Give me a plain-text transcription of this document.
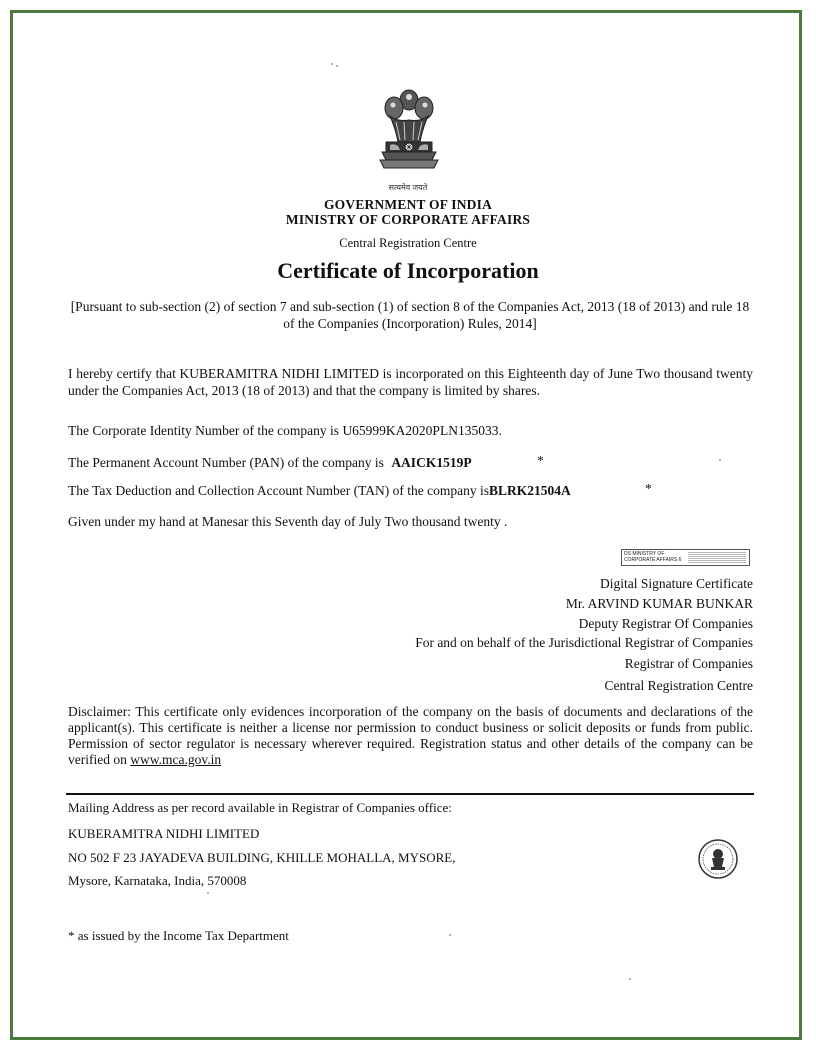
सत्यमेव जयते
GOVERNMENT OF INDIA
MINISTRY OF CORPORATE AFFAIRS
Central Registration Centre
Certificate of Incorporation
[Pursuant to sub-section (2) of section 7 and sub-section (1) of section 8 of the Companies Act, 2013 (18 of 2013) and rule 18 of the Companies (Incorporation) Rules, 2014]
I hereby certify that KUBERAMITRA NIDHI LIMITED is incorporated on this Eighteenth day of June Two thousand twenty under the Companies Act, 2013 (18 of 2013) and that the company is limited by shares.
The Corporate Identity Number of the company is U65999KA2020PLN135033.
The Permanent Account Number (PAN) of the company is AAICK1519P	*
The Tax Deduction and Collection Account Number (TAN) of the company isBLRK21504A	*
Given under my hand at Manesar this Seventh day of July Two thousand twenty .
DS MINISTRY OF CORPORATE AFFAIRS 6
Digital Signature Certificate
Mr. ARVIND KUMAR BUNKAR
Deputy Registrar Of Companies
For and on behalf of the Jurisdictional Registrar of Companies
Registrar of Companies
Central Registration Centre
Disclaimer: This certificate only evidences incorporation of the company on the basis of documents and declarations of the applicant(s). This certificate is neither a license nor permission to conduct business or solicit deposits or funds from public. Permission of sector regulator is necessary wherever required. Registration status and other details of the company can be verified on www.mca.gov.in
Mailing Address as per record available in Registrar of Companies office:
KUBERAMITRA NIDHI LIMITED
NO 502 F 23 JAYADEVA BUILDING, KHILLE MOHALLA, MYSORE,
Mysore, Karnataka, India, 570008
* as issued by the Income Tax Department
